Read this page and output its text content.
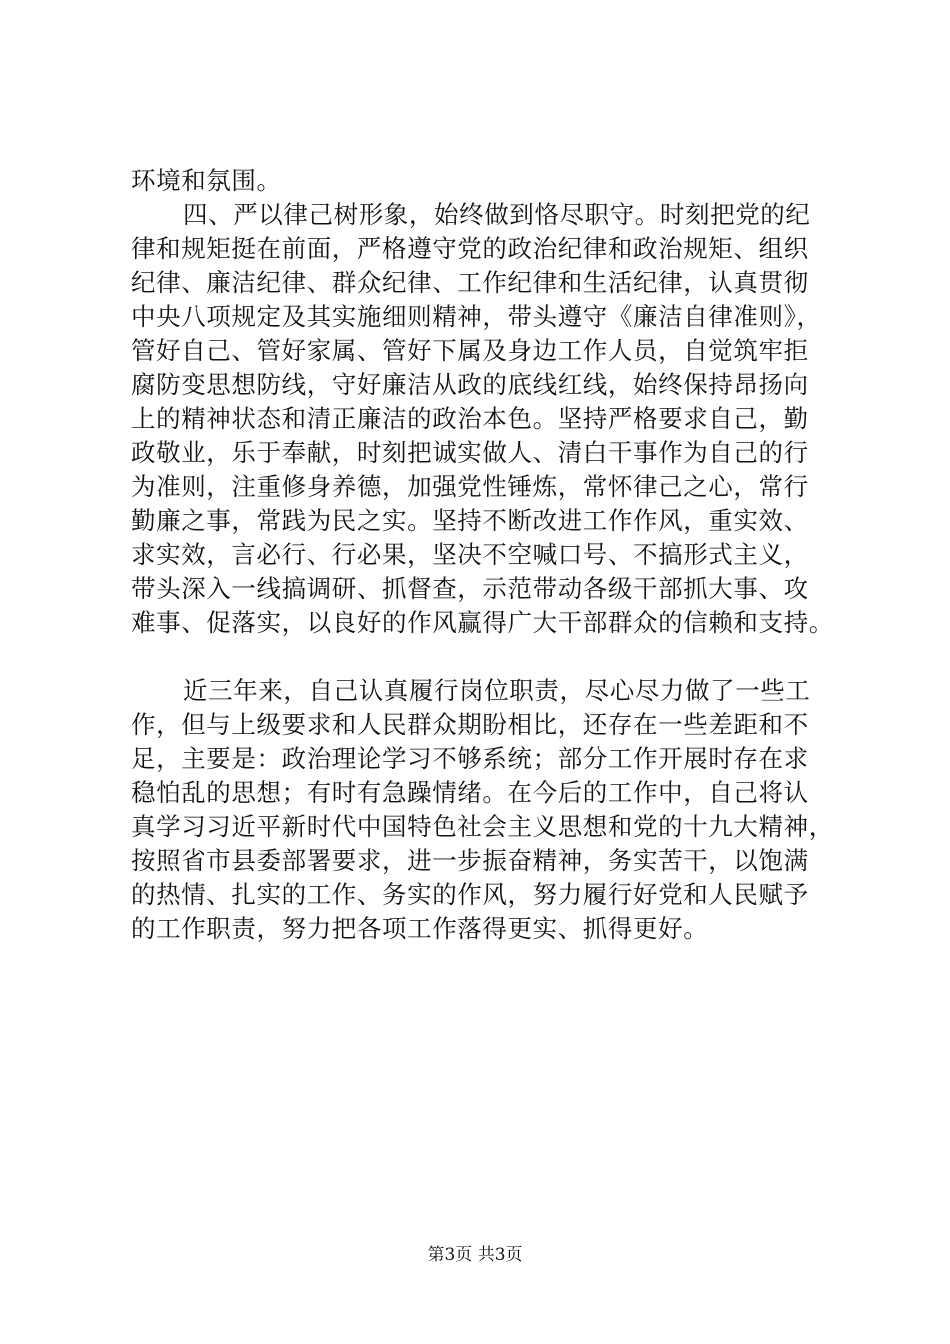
环境和氛围。
四、严以律己树形象，始终做到恪尽职守。时刻把党的纪
律和规矩挺在前面，严格遵守党的政治纪律和政治规矩、组织
纪律、廉洁纪律、群众纪律、工作纪律和生活纪律，认真贯彻
中央八项规定及其实施细则精神，带头遵守《廉洁自律准则》，
管好自己、管好家属、管好下属及身边工作人员，自觉筑牢拒
腐防变思想防线，守好廉洁从政的底线红线，始终保持昂扬向
上的精神状态和清正廉洁的政治本色。坚持严格要求自己，勤
政敬业，乐于奉献，时刻把诚实做人、清白干事作为自己的行
为准则，注重修身养德，加强党性锤炼，常怀律己之心，常行
勤廉之事，常践为民之实。坚持不断改进工作作风，重实效、
求实效，言必行、行必果，坚决不空喊口号、不搞形式主义，
带头深入一线搞调研、抓督查，示范带动各级干部抓大事、攻
难事、促落实，以良好的作风赢得广大干部群众的信赖和支持。
近三年来，自己认真履行岗位职责，尽心尽力做了一些工
作，但与上级要求和人民群众期盼相比，还存在一些差距和不
足，主要是：政治理论学习不够系统；部分工作开展时存在求
稳怕乱的思想；有时有急躁情绪。在今后的工作中，自己将认
真学习习近平新时代中国特色社会主义思想和党的十九大精神，
按照省市县委部署要求，进一步振奋精神，务实苦干，以饱满
的热情、扎实的工作、务实的作风，努力履行好党和人民赋予
的工作职责，努力把各项工作落得更实、抓得更好。
第3页 共3页
